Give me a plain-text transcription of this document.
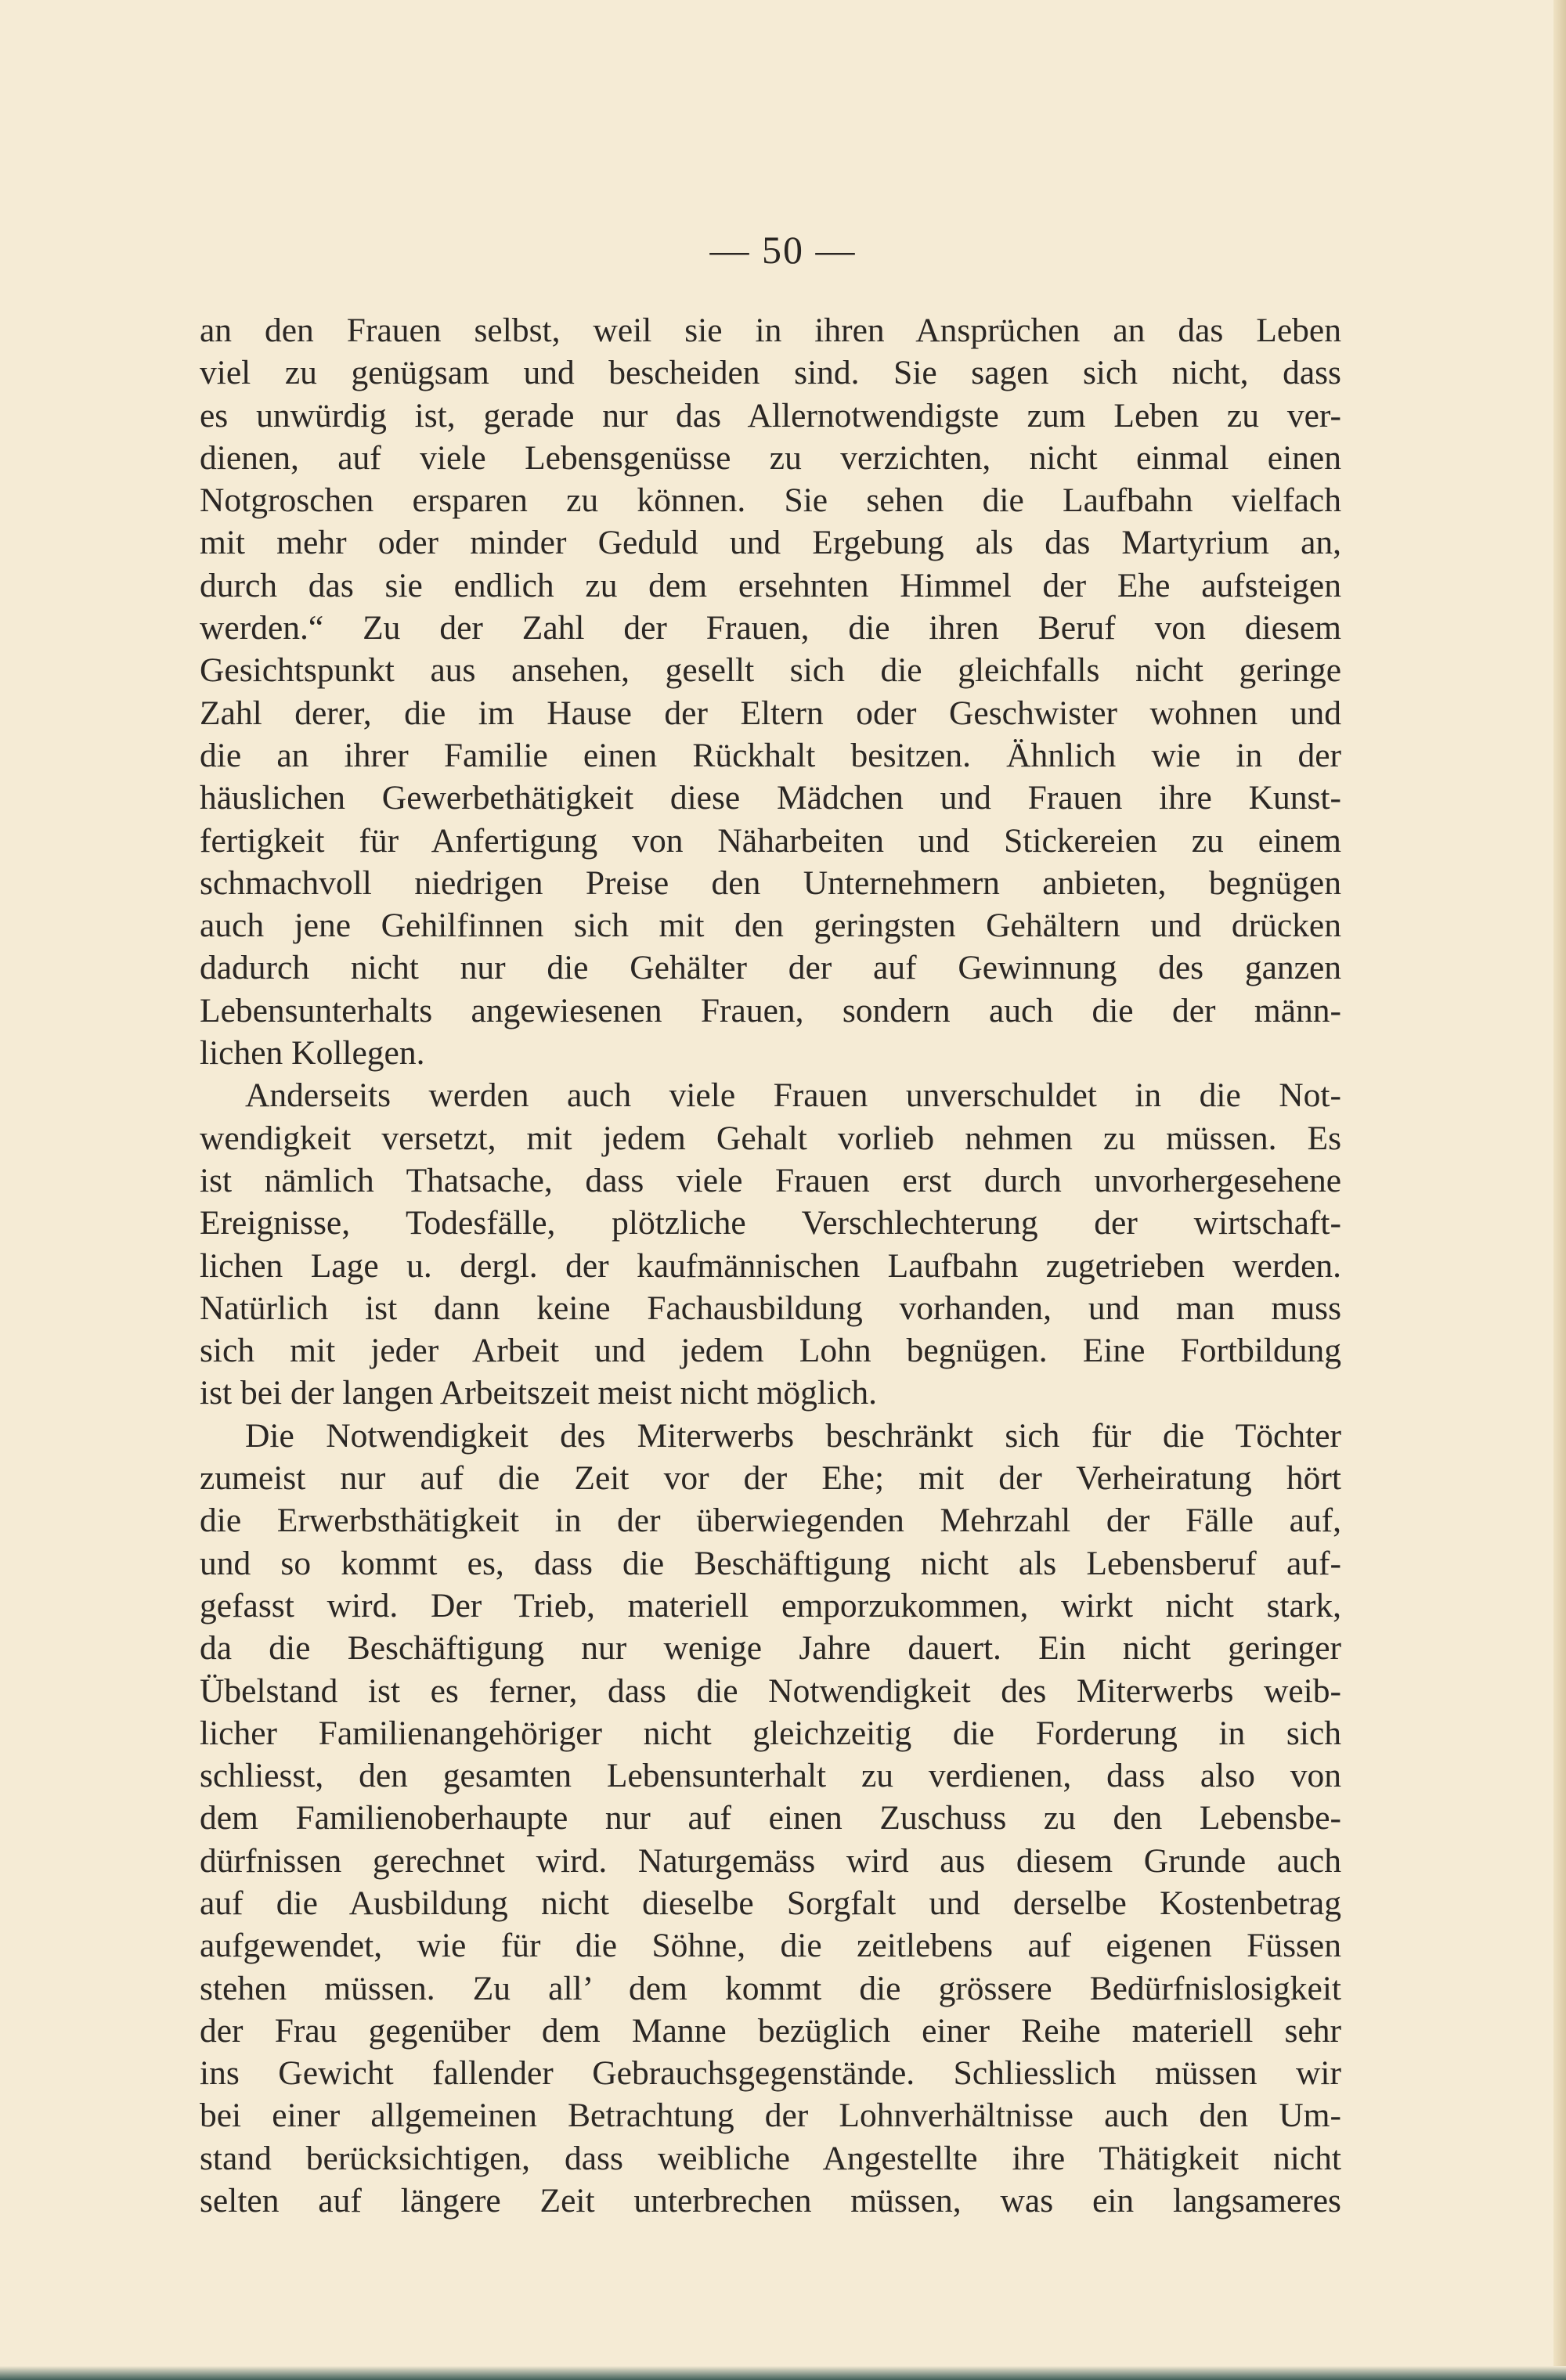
— 50 —
an den Frauen selbst, weil sie in ihren Ansprüchen an das Leben
viel zu genügsam und bescheiden sind. Sie sagen sich nicht, dass
es unwürdig ist, gerade nur das Allernotwendigste zum Leben zu ver-
dienen, auf viele Lebensgenüsse zu verzichten, nicht einmal einen
Notgroschen ersparen zu können. Sie sehen die Laufbahn vielfach
mit mehr oder minder Geduld und Ergebung als das Martyrium an,
durch das sie endlich zu dem ersehnten Himmel der Ehe aufsteigen
werden.“ Zu der Zahl der Frauen, die ihren Beruf von diesem
Gesichtspunkt aus ansehen, gesellt sich die gleichfalls nicht geringe
Zahl derer, die im Hause der Eltern oder Geschwister wohnen und
die an ihrer Familie einen Rückhalt besitzen. Ähnlich wie in der
häuslichen Gewerbethätigkeit diese Mädchen und Frauen ihre Kunst-
fertigkeit für Anfertigung von Näharbeiten und Stickereien zu einem
schmachvoll niedrigen Preise den Unternehmern anbieten, begnügen
auch jene Gehilfinnen sich mit den geringsten Gehältern und drücken
dadurch nicht nur die Gehälter der auf Gewinnung des ganzen
Lebensunterhalts angewiesenen Frauen, sondern auch die der männ-
lichen Kollegen.
Anderseits werden auch viele Frauen unverschuldet in die Not-
wendigkeit versetzt, mit jedem Gehalt vorlieb nehmen zu müssen. Es
ist nämlich Thatsache, dass viele Frauen erst durch unvorhergesehene
Ereignisse, Todesfälle, plötzliche Verschlechterung der wirtschaft-
lichen Lage u. dergl. der kaufmännischen Laufbahn zugetrieben werden.
Natürlich ist dann keine Fachausbildung vorhanden, und man muss
sich mit jeder Arbeit und jedem Lohn begnügen. Eine Fortbildung
ist bei der langen Arbeitszeit meist nicht möglich.
Die Notwendigkeit des Miterwerbs beschränkt sich für die Töchter
zumeist nur auf die Zeit vor der Ehe; mit der Verheiratung hört
die Erwerbsthätigkeit in der überwiegenden Mehrzahl der Fälle auf,
und so kommt es, dass die Beschäftigung nicht als Lebensberuf auf-
gefasst wird. Der Trieb, materiell emporzukommen, wirkt nicht stark,
da die Beschäftigung nur wenige Jahre dauert. Ein nicht geringer
Übelstand ist es ferner, dass die Notwendigkeit des Miterwerbs weib-
licher Familienangehöriger nicht gleichzeitig die Forderung in sich
schliesst, den gesamten Lebensunterhalt zu verdienen, dass also von
dem Familienoberhaupte nur auf einen Zuschuss zu den Lebensbe-
dürfnissen gerechnet wird. Naturgemäss wird aus diesem Grunde auch
auf die Ausbildung nicht dieselbe Sorgfalt und derselbe Kostenbetrag
aufgewendet, wie für die Söhne, die zeitlebens auf eigenen Füssen
stehen müssen. Zu all’ dem kommt die grössere Bedürfnislosigkeit
der Frau gegenüber dem Manne bezüglich einer Reihe materiell sehr
ins Gewicht fallender Gebrauchsgegenstände. Schliesslich müssen wir
bei einer allgemeinen Betrachtung der Lohnverhältnisse auch den Um-
stand berücksichtigen, dass weibliche Angestellte ihre Thätigkeit nicht
selten auf längere Zeit unterbrechen müssen, was ein langsameres
